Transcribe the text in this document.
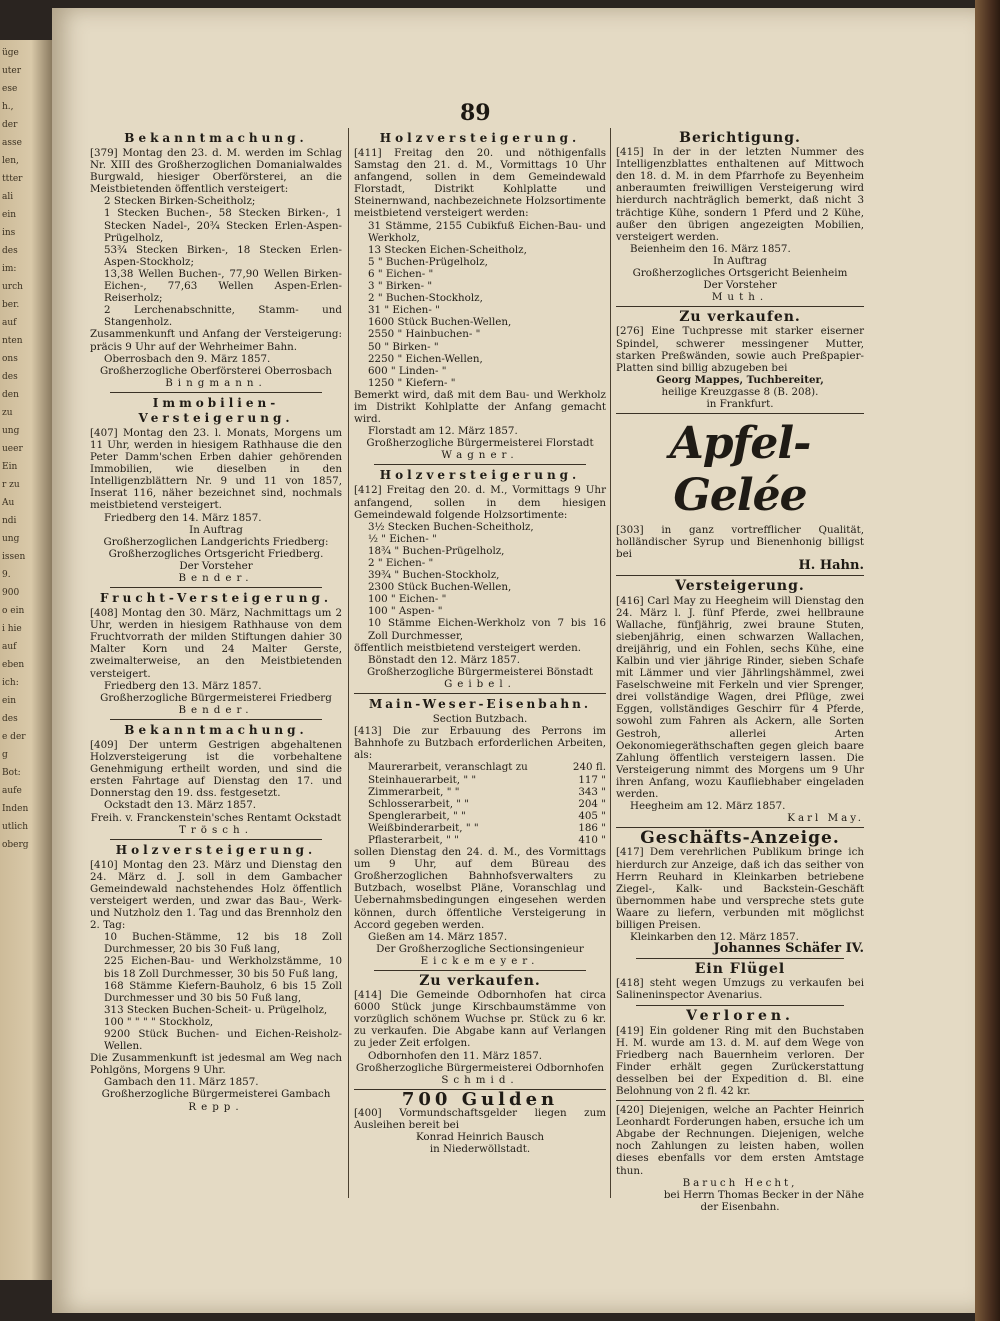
üge
uter
ese
h.,
der
asse
len,
ttter
ali
ein
ins
des
im:
urch
ber.
auf
nten
ons
des
den
zu
ung
ueer
Ein
r zu
Au
ndi
ung
issen
9.
900
o ein
i hie
auf
eben
ich:
ein
des
e der
g
Bot:
aufe
Inden
utlich
oberg
89
Bekanntmachung.

[379] Montag den 23. d. M. werden im Schlag Nr. XIII des Großherzoglichen Domanialwaldes Burgwald, hiesiger Oberförsterei, an die Meistbietenden öffentlich versteigert:

2 Stecken Birken-Scheitholz;

1 Stecken Buchen-, 58 Stecken Birken-, 1 Stecken Nadel-, 20¾ Stecken Erlen-Aspen-Prügelholz,

53¾ Stecken Birken-, 18 Stecken Erlen-Aspen-Stockholz;

13,38 Wellen Buchen-, 77,90 Wellen Birken-Eichen-, 77,63 Wellen Aspen-Erlen-Reiserholz;

2 Lerchenabschnitte, Stamm- und Stangenholz.

Zusammenkunft und Anfang der Versteigerung: präcis 9 Uhr auf der Wehrheimer Bahn.

Oberrosbach den 9. März 1857.

Großherzogliche Oberförsterei Oberrosbach

Bingmann.

Immobilien-Versteigerung.

[407] Montag den 23. l. Monats, Morgens um 11 Uhr, werden in hiesigem Rathhause die den Peter Damm'schen Erben dahier gehörenden Immobilien, wie dieselben in den Intelligenzblättern Nr. 9 und 11 von 1857, Inserat 116, näher bezeichnet sind, nochmals meistbietend versteigert.

Friedberg den 14. März 1857.

In Auftrag

Großherzoglichen Landgerichts Friedberg:

Großherzogliches Ortsgericht Friedberg.

Der Vorsteher

Bender.

Frucht-Versteigerung.

[408] Montag den 30. März, Nachmittags um 2 Uhr, werden in hiesigem Rathhause von dem Fruchtvorrath der milden Stiftungen dahier 30 Malter Korn und 24 Malter Gerste, zweimalterweise, an den Meistbietenden versteigert.

Friedberg den 13. März 1857.

Großherzogliche Bürgermeisterei Friedberg

Bender.

Bekanntmachung.

[409] Der unterm Gestrigen abgehaltenen Holzversteigerung ist die vorbehaltene Genehmigung ertheilt worden, und sind die ersten Fahrtage auf Dienstag den 17. und Donnerstag den 19. dss. festgesetzt.

Ockstadt den 13. März 1857.

Freih. v. Franckenstein'sches Rentamt Ockstadt

Trösch.

Holzversteigerung.

[410] Montag den 23. März und Dienstag den 24. März d. J. soll in dem Gambacher Gemeindewald nachstehendes Holz öffentlich versteigert werden, und zwar das Bau-, Werk- und Nutzholz den 1. Tag und das Brennholz den 2. Tag:

10 Buchen-Stämme, 12 bis 18 Zoll Durchmesser, 20 bis 30 Fuß lang,

225 Eichen-Bau- und Werkholzstämme, 10 bis 18 Zoll Durchmesser, 30 bis 50 Fuß lang,

168 Stämme Kiefern-Bauholz, 6 bis 15 Zoll Durchmesser und 30 bis 50 Fuß lang,

313 Stecken Buchen-Scheit- u. Prügelholz,

100 " " " " Stockholz,

9200 Stück Buchen- und Eichen-Reisholz-Wellen.

Die Zusammenkunft ist jedesmal am Weg nach Pohlgöns, Morgens 9 Uhr.

Gambach den 11. März 1857.

Großherzogliche Bürgermeisterei Gambach

Repp.

Holzversteigerung.

[411] Freitag den 20. und nöthigenfalls Samstag den 21. d. M., Vormittags 10 Uhr anfangend, sollen in dem Gemeindewald Florstadt, Distrikt Kohlplatte und Steinernwand, nachbezeichnete Holzsortimente meistbietend versteigert werden:

31 Stämme, 2155 Cubikfuß Eichen-Bau- und Werkholz,

13 Stecken Eichen-Scheitholz,

5 " Buchen-Prügelholz,

6 " Eichen- "

3 " Birken- "

2 " Buchen-Stockholz,

31 " Eichen- "

1600 Stück Buchen-Wellen,

2550 " Hainbuchen- "

50 " Birken- "

2250 " Eichen-Wellen,

600 " Linden- "

1250 " Kiefern- "

Bemerkt wird, daß mit dem Bau- und Werkholz im Distrikt Kohlplatte der Anfang gemacht wird.

Florstadt am 12. März 1857.

Großherzogliche Bürgermeisterei Florstadt

Wagner.

Holzversteigerung.

[412] Freitag den 20. d. M., Vormittags 9 Uhr anfangend, sollen in dem hiesigen Gemeindewald folgende Holzsortimente:

3½ Stecken Buchen-Scheitholz,

½ " Eichen- "

18¾ " Buchen-Prügelholz,

2 " Eichen- "

39¾ " Buchen-Stockholz,

2300 Stück Buchen-Wellen,

100 " Eichen- "

100 " Aspen- "

10 Stämme Eichen-Werkholz von 7 bis 16 Zoll Durchmesser,

öffentlich meistbietend versteigert werden.

Bönstadt den 12. März 1857.

Großherzogliche Bürgermeisterei Bönstadt

Geibel.

Main-Weser-Eisenbahn.

Section Butzbach.

[413] Die zur Erbauung des Perrons im Bahnhofe zu Butzbach erforderlichen Arbeiten, als:

Maurerarbeit, veranschlagt zu	240 fl.
Steinhauerarbeit, " "	117 "
Zimmerarbeit, " "	343 "
Schlosserarbeit, " "	204 "
Spenglerarbeit, " "	405 "
Weißbinderarbeit, " "	186 "
Pflasterarbeit, " "	410 "

sollen Dienstag den 24. d. M., des Vormittags um 9 Uhr, auf dem Büreau des Großherzoglichen Bahnhofsverwalters zu Butzbach, woselbst Pläne, Voranschlag und Uebernahmsbedingungen eingesehen werden können, durch öffentliche Versteigerung in Accord gegeben werden.

Gießen am 14. März 1857.

Der Großherzogliche Sectionsingenieur

Eickemeyer.

Zu verkaufen.

[414] Die Gemeinde Odbornhofen hat circa 6000 Stück junge Kirschbaumstämme von vorzüglich schönem Wuchse pr. Stück zu 6 kr. zu verkaufen. Die Abgabe kann auf Verlangen zu jeder Zeit erfolgen.

Odbornhofen den 11. März 1857.

Großherzogliche Bürgermeisterei Odbornhofen

Schmid.

700 Gulden

[400] Vormundschaftsgelder liegen zum Ausleihen bereit bei

Konrad Heinrich Bausch

in Niederwöllstadt.

Berichtigung.

[415] In der in der letzten Nummer des Intelligenzblattes enthaltenen auf Mittwoch den 18. d. M. in dem Pfarrhofe zu Beyenheim anberaumten freiwilligen Versteigerung wird hierdurch nachträglich bemerkt, daß nicht 3 trächtige Kühe, sondern 1 Pferd und 2 Kühe, außer den übrigen angezeigten Mobilien, versteigert werden.

Beienheim den 16. März 1857.

In Auftrag

Großherzogliches Ortsgericht Beienheim

Der Vorsteher

Muth.

Zu verkaufen.

[276] Eine Tuchpresse mit starker eiserner Spindel, schwerer messingener Mutter, starken Preßwänden, sowie auch Preßpapier-Platten sind billig abzugeben bei

Georg Mappes, Tuchbereiter,

heilige Kreuzgasse 8 (B. 208).

in Frankfurt.

Apfel-Gelée

[303] in ganz vortrefflicher Qualität, holländischer Syrup und Bienenhonig billigst bei

H. Hahn.

Versteigerung.

[416] Carl May zu Heegheim will Dienstag den 24. März l. J. fünf Pferde, zwei hellbraune Wallache, fünfjährig, zwei braune Stuten, siebenjährig, einen schwarzen Wallachen, dreijährig, und ein Fohlen, sechs Kühe, eine Kalbin und vier jährige Rinder, sieben Schafe mit Lämmer und vier Jährlingshämmel, zwei Faselschweine mit Ferkeln und vier Sprenger, drei vollständige Wagen, drei Pflüge, zwei Eggen, vollständiges Geschirr für 4 Pferde, sowohl zum Fahren als Ackern, alle Sorten Gestroh, allerlei Arten Oekonomiegeräthschaften gegen gleich baare Zahlung öffentlich versteigern lassen. Die Versteigerung nimmt des Morgens um 9 Uhr ihren Anfang, wozu Kaufliebhaber eingeladen werden.

Heegheim am 12. März 1857.

Karl May.

Geschäfts-Anzeige.

[417] Dem verehrlichen Publikum bringe ich hierdurch zur Anzeige, daß ich das seither von Herrn Reuhard in Kleinkarben betriebene Ziegel-, Kalk- und Backstein-Geschäft übernommen habe und verspreche stets gute Waare zu liefern, verbunden mit möglichst billigen Preisen.

Kleinkarben den 12. März 1857.

Johannes Schäfer IV.

Ein Flügel

[418] steht wegen Umzugs zu verkaufen bei Salineninspector Avenarius.

Verloren.

[419] Ein goldener Ring mit den Buchstaben H. M. wurde am 13. d. M. auf dem Wege von Friedberg nach Bauernheim verloren. Der Finder erhält gegen Zurückerstattung desselben bei der Expedition d. Bl. eine Belohnung von 2 fl. 42 kr.

[420] Diejenigen, welche an Pachter Heinrich Leonhardt Forderungen haben, ersuche ich um Abgabe der Rechnungen. Diejenigen, welche noch Zahlungen zu leisten haben, wollen dieses ebenfalls vor dem ersten Amtstage thun.

Baruch Hecht,

bei Herrn Thomas Becker in der Nähe

der Eisenbahn.
